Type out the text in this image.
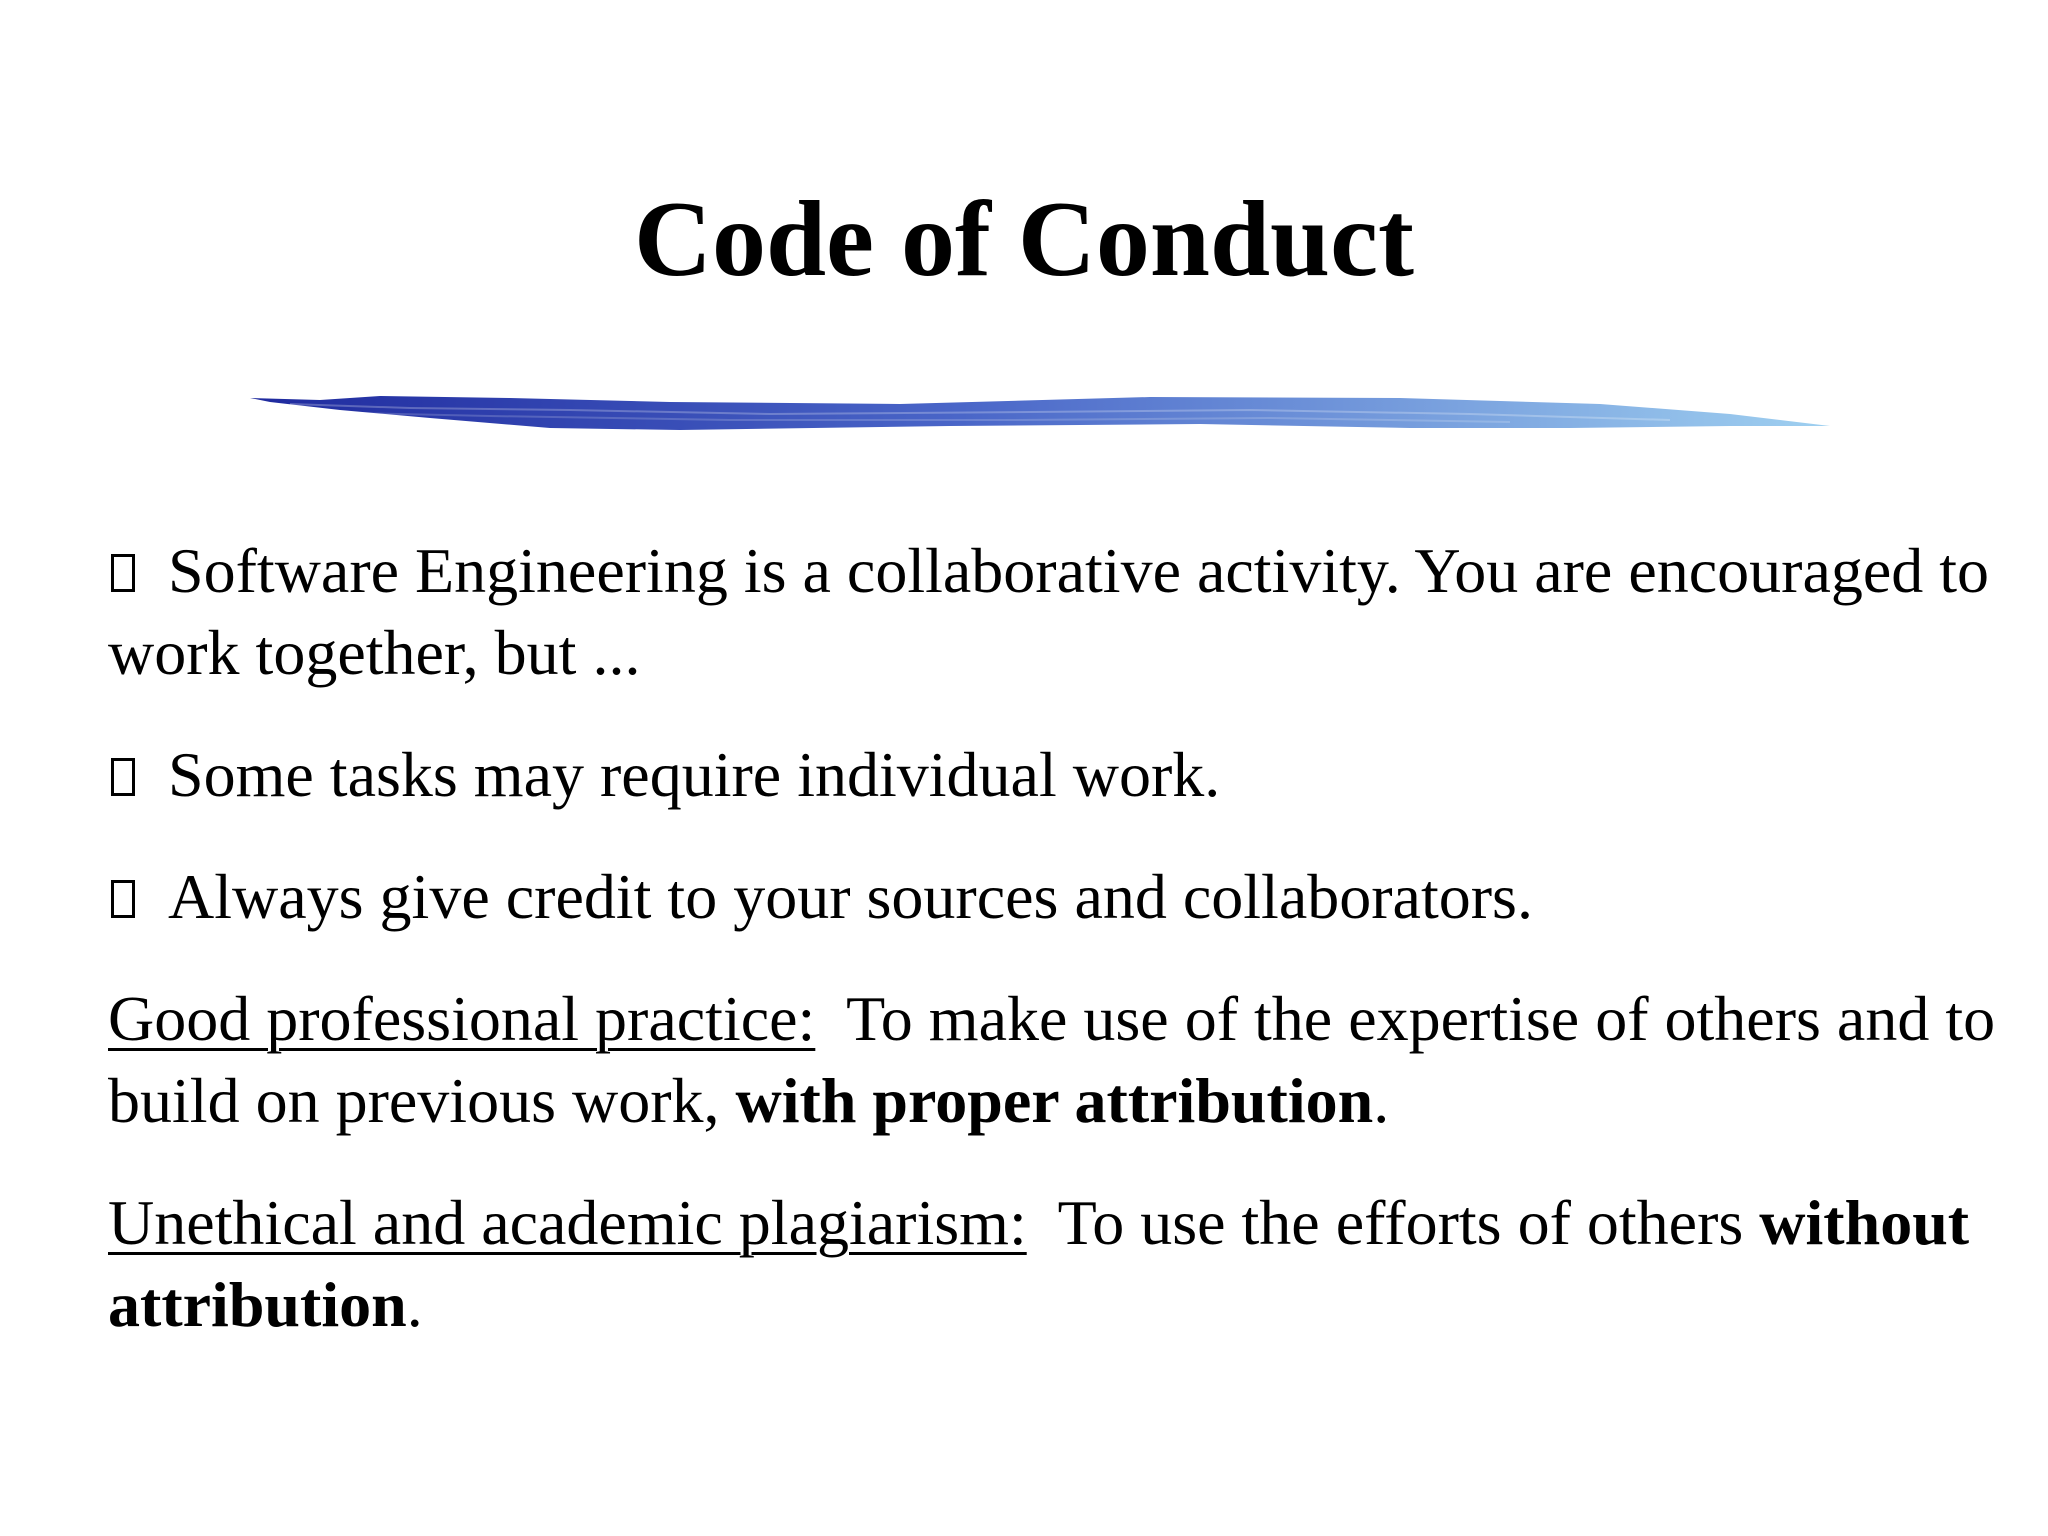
Code of Conduct

Software Engineering is a collaborative activity. You are encouraged to work together, but ...

Some tasks may require individual work.

Always give credit to your sources and collaborators.

Good professional practice:  To make use of the expertise of others and to build on previous work, with proper attribution.

Unethical and academic plagiarism:  To use the efforts of others without attribution.
